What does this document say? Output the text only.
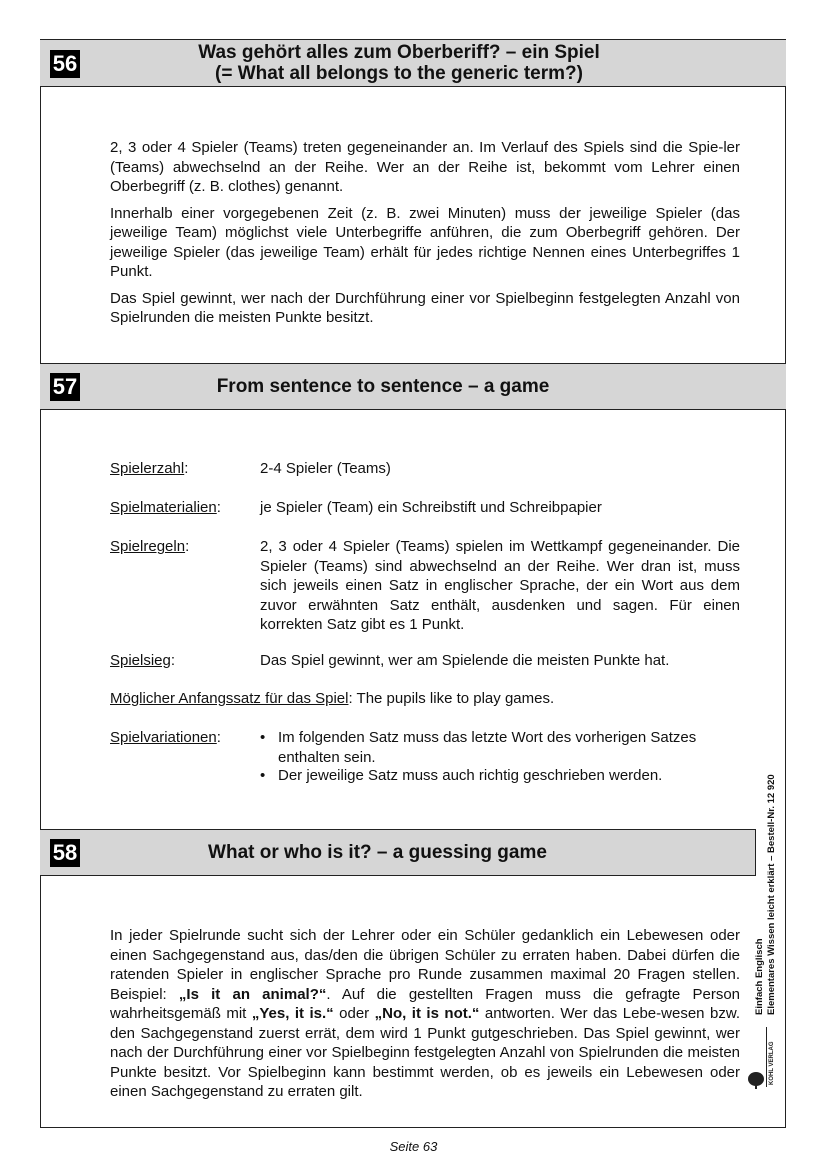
56	Was gehört alles zum Oberberiff? – ein Spiel
(= What all belongs to the generic term?)

2, 3 oder 4 Spieler (Teams) treten gegeneinander an. Im Verlauf des Spiels sind die Spie-ler (Teams) abwechselnd an der Reihe. Wer an der Reihe ist, bekommt vom Lehrer einen Oberbegriff (z. B. clothes) genannt.

Innerhalb einer vorgegebenen Zeit (z. B. zwei Minuten) muss der jeweilige Spieler (das jeweilige Team) möglichst viele Unterbegriffe anführen, die zum Oberbegriff gehören. Der jeweilige Spieler (das jeweilige Team) erhält für jedes richtige Nennen eines Unterbegriffes 1 Punkt.

Das Spiel gewinnt, wer nach der Durchführung einer vor Spielbeginn festgelegten Anzahl von Spielrunden die meisten Punkte besitzt.

57	From sentence to sentence – a game
Spielerzahl:	2-4 Spieler (Teams)
Spielmaterialien:	je Spieler (Team) ein Schreibstift und Schreibpapier
Spielregeln:	2, 3 oder 4 Spieler (Teams) spielen im Wettkampf gegeneinander. Die Spieler (Teams) sind abwechselnd an der Reihe. Wer dran ist, muss sich jeweils einen Satz in englischer Sprache, der ein Wort aus dem zuvor erwähnten Satz enthält, ausdenken und sagen. Für einen korrekten Satz gibt es 1 Punkt.
Spielsieg:	Das Spiel gewinnt, wer am Spielende die meisten Punkte hat.
Möglicher Anfangssatz für das Spiel: The pupils like to play games.
Spielvariationen:	• Im folgenden Satz muss das letzte Wort des vorherigen Satzes enthalten sein.
• Der jeweilige Satz muss auch richtig geschrieben werden.
58	What or who is it? – a guessing game

In jeder Spielrunde sucht sich der Lehrer oder ein Schüler gedanklich ein Lebewesen oder einen Sachgegenstand aus, das/den die übrigen Schüler zu erraten haben. Dabei dürfen die ratenden Spieler in englischer Sprache pro Runde zusammen maximal 20 Fragen stellen. Beispiel: „Is it an animal?“. Auf die gestellten Fragen muss die gefragte Person wahrheitsgemäß mit „Yes, it is.“ oder „No, it is not.“ antworten. Wer das Lebe-wesen bzw. den Sachgegenstand zuerst errät, dem wird 1 Punkt gutgeschrieben. Das Spiel gewinnt, wer nach der Durchführung einer vor Spielbeginn festgelegten Anzahl von Spielrunden die meisten Punkte besitzt. Vor Spielbeginn kann bestimmt werden, ob es jeweils ein Lebewesen oder einen Sachgegenstand zu erraten gilt.

Einfach Englisch Elementares Wissen leicht erklärt – Bestell-Nr. 12 920
KOHL VERLAG
Seite 63
